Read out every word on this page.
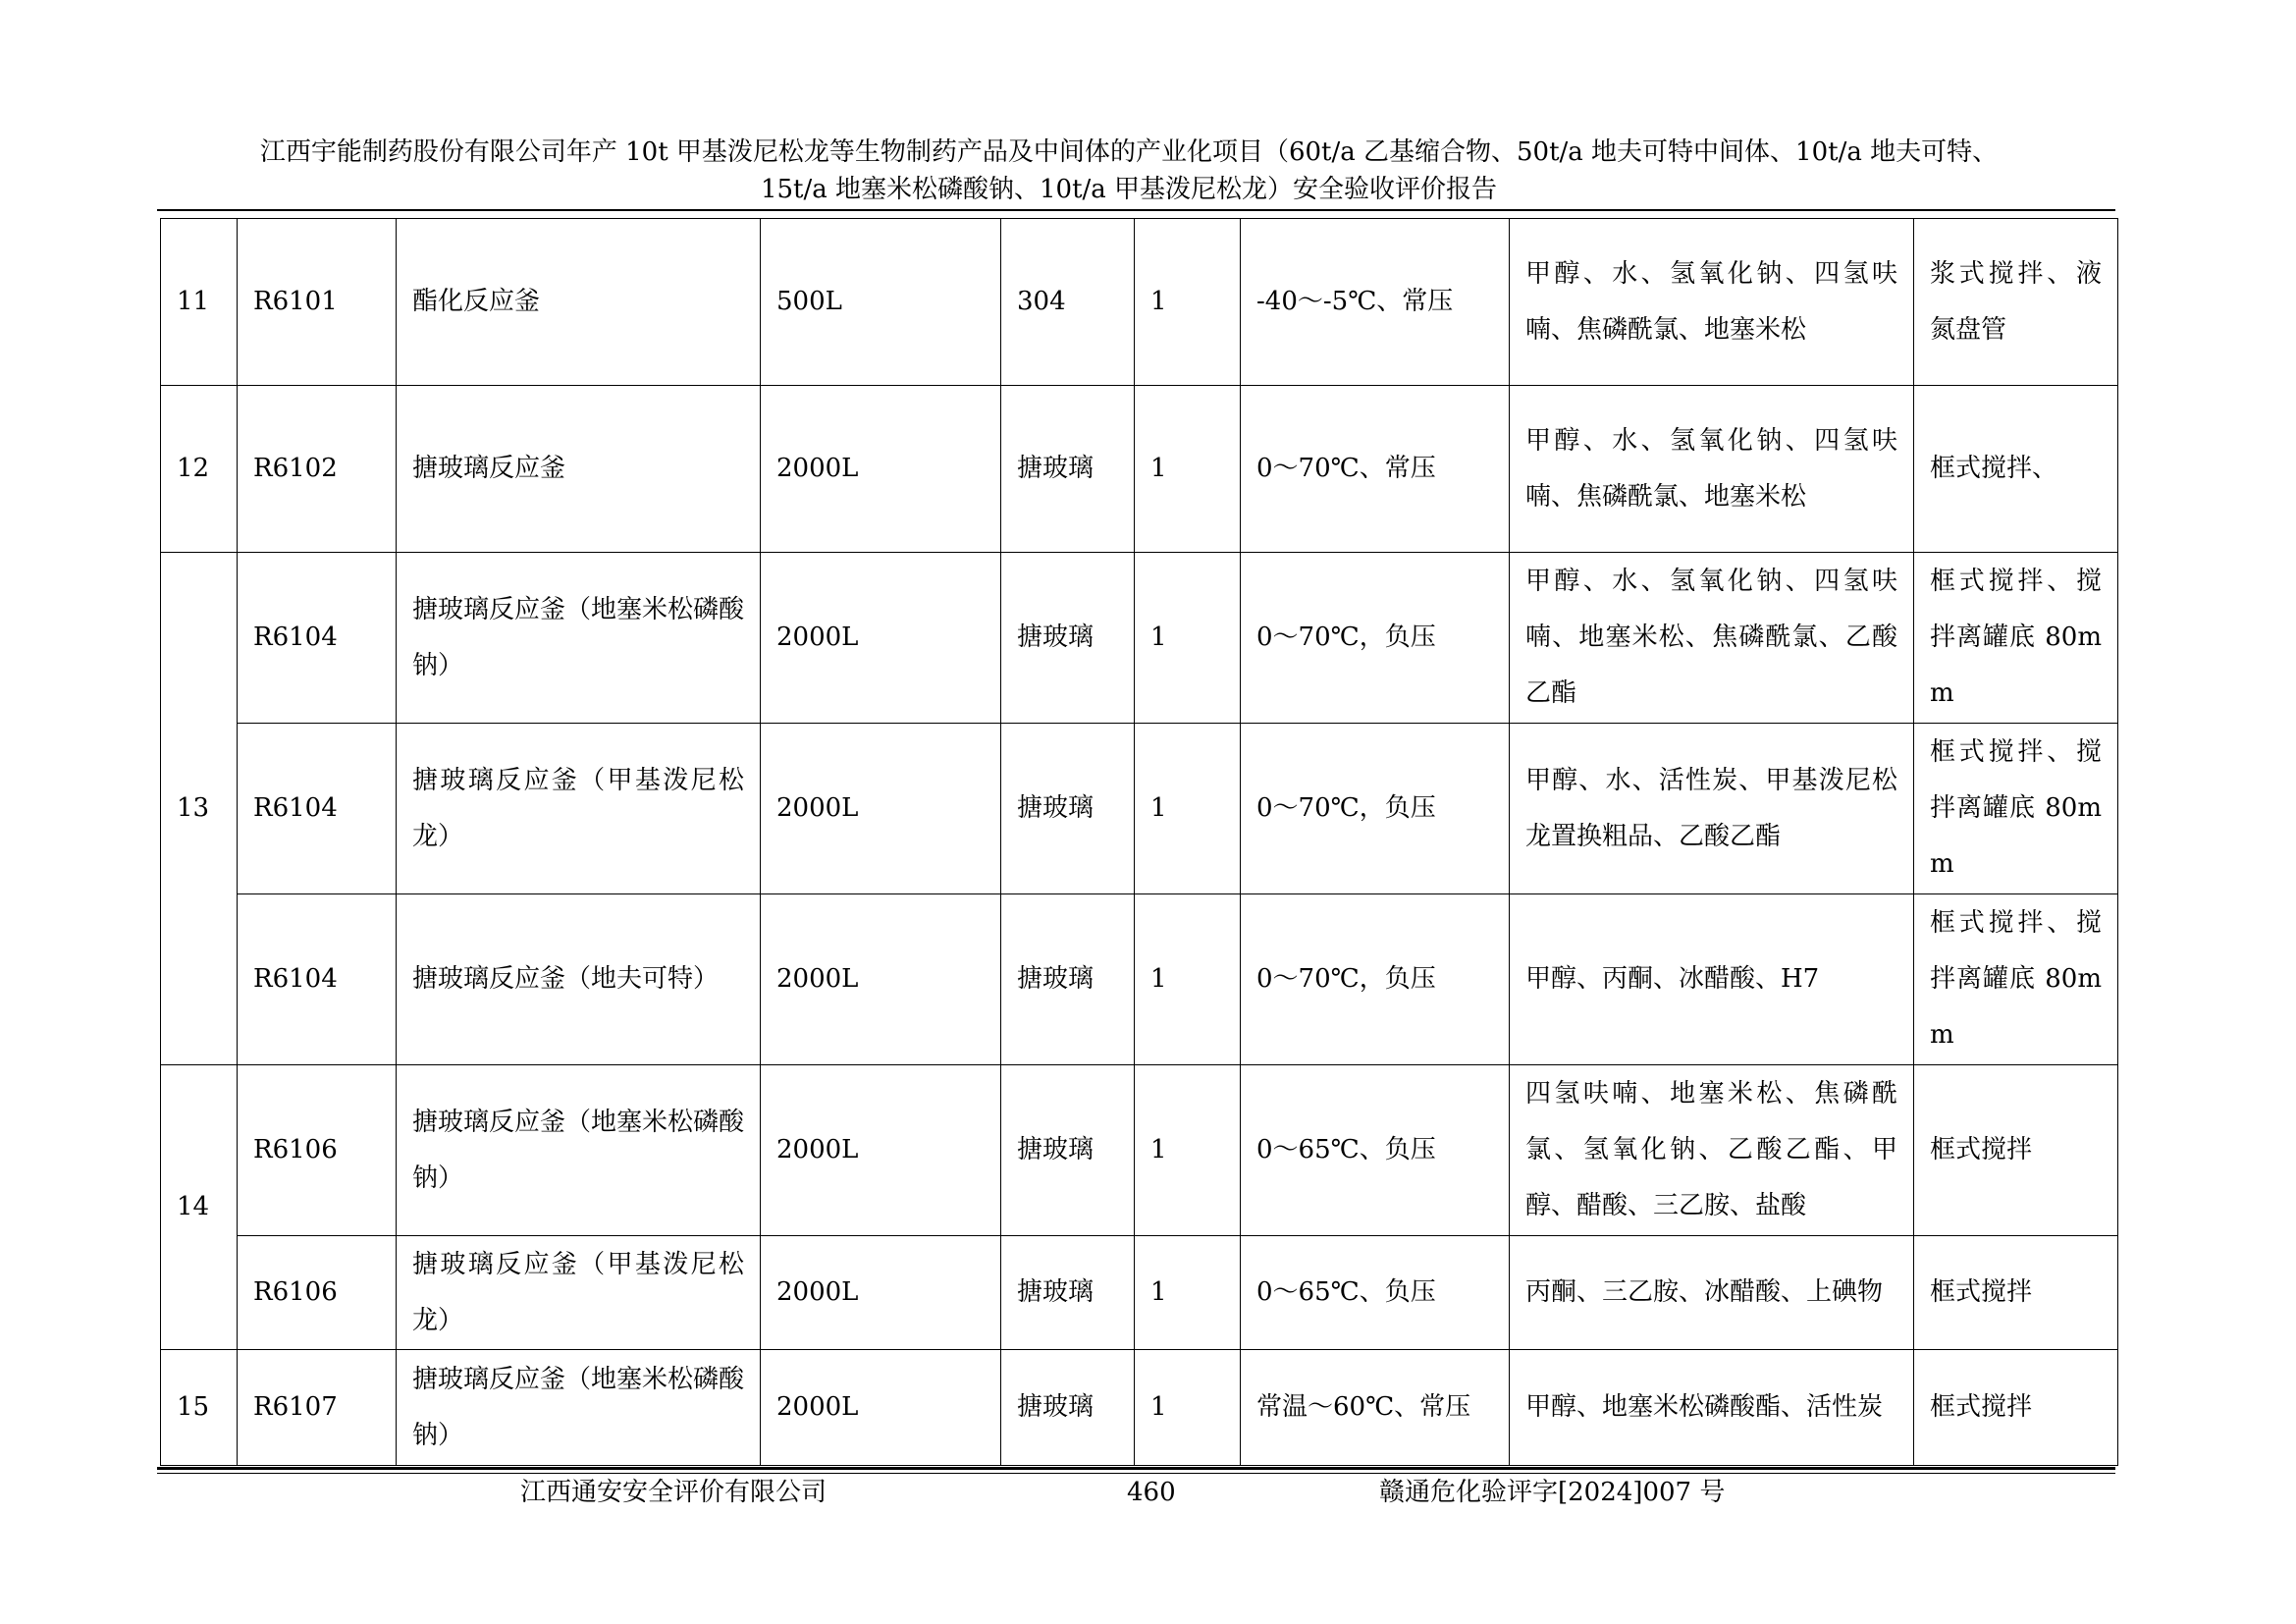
江西宇能制药股份有限公司年产 10t 甲基泼尼松龙等生物制药产品及中间体的产业化项目（60t/a 乙基缩合物、50t/a 地夫可特中间体、10t/a 地夫可特、
15t/a 地塞米松磷酸钠、10t/a 甲基泼尼松龙）安全验收评价报告
11	R6101	酯化反应釜	500L	304	1	-40～-5℃、常压	甲醇、水、氢氧化钠、四氢呋喃、焦磷酰氯、地塞米松	浆式搅拌、液氮盘管
12	R6102	搪玻璃反应釜	2000L	搪玻璃	1	0～70℃、常压	甲醇、水、氢氧化钠、四氢呋喃、焦磷酰氯、地塞米松	框式搅拌、
13	R6104	搪玻璃反应釜（地塞米松磷酸钠）	2000L	搪玻璃	1	0～70℃，负压	甲醇、水、氢氧化钠、四氢呋喃、地塞米松、焦磷酰氯、乙酸乙酯	框式搅拌、搅拌离罐底 80mm
	R6104	搪玻璃反应釜（甲基泼尼松龙）	2000L	搪玻璃	1	0～70℃，负压	甲醇、水、活性炭、甲基泼尼松龙置换粗品、乙酸乙酯	框式搅拌、搅拌离罐底 80mm
	R6104	搪玻璃反应釜（地夫可特）	2000L	搪玻璃	1	0～70℃，负压	甲醇、丙酮、冰醋酸、H7	框式搅拌、搅拌离罐底 80mm
14	R6106	搪玻璃反应釜（地塞米松磷酸钠）	2000L	搪玻璃	1	0～65℃、负压	四氢呋喃、地塞米松、焦磷酰氯、氢氧化钠、乙酸乙酯、甲醇、醋酸、三乙胺、盐酸	框式搅拌
	R6106	搪玻璃反应釜（甲基泼尼松龙）	2000L	搪玻璃	1	0～65℃、负压	丙酮、三乙胺、冰醋酸、上碘物	框式搅拌
15	R6107	搪玻璃反应釜（地塞米松磷酸钠）	2000L	搪玻璃	1	常温～60℃、常压	甲醇、地塞米松磷酸酯、活性炭	框式搅拌
江西通安安全评价有限公司	460	赣通危化验评字[2024]007 号
